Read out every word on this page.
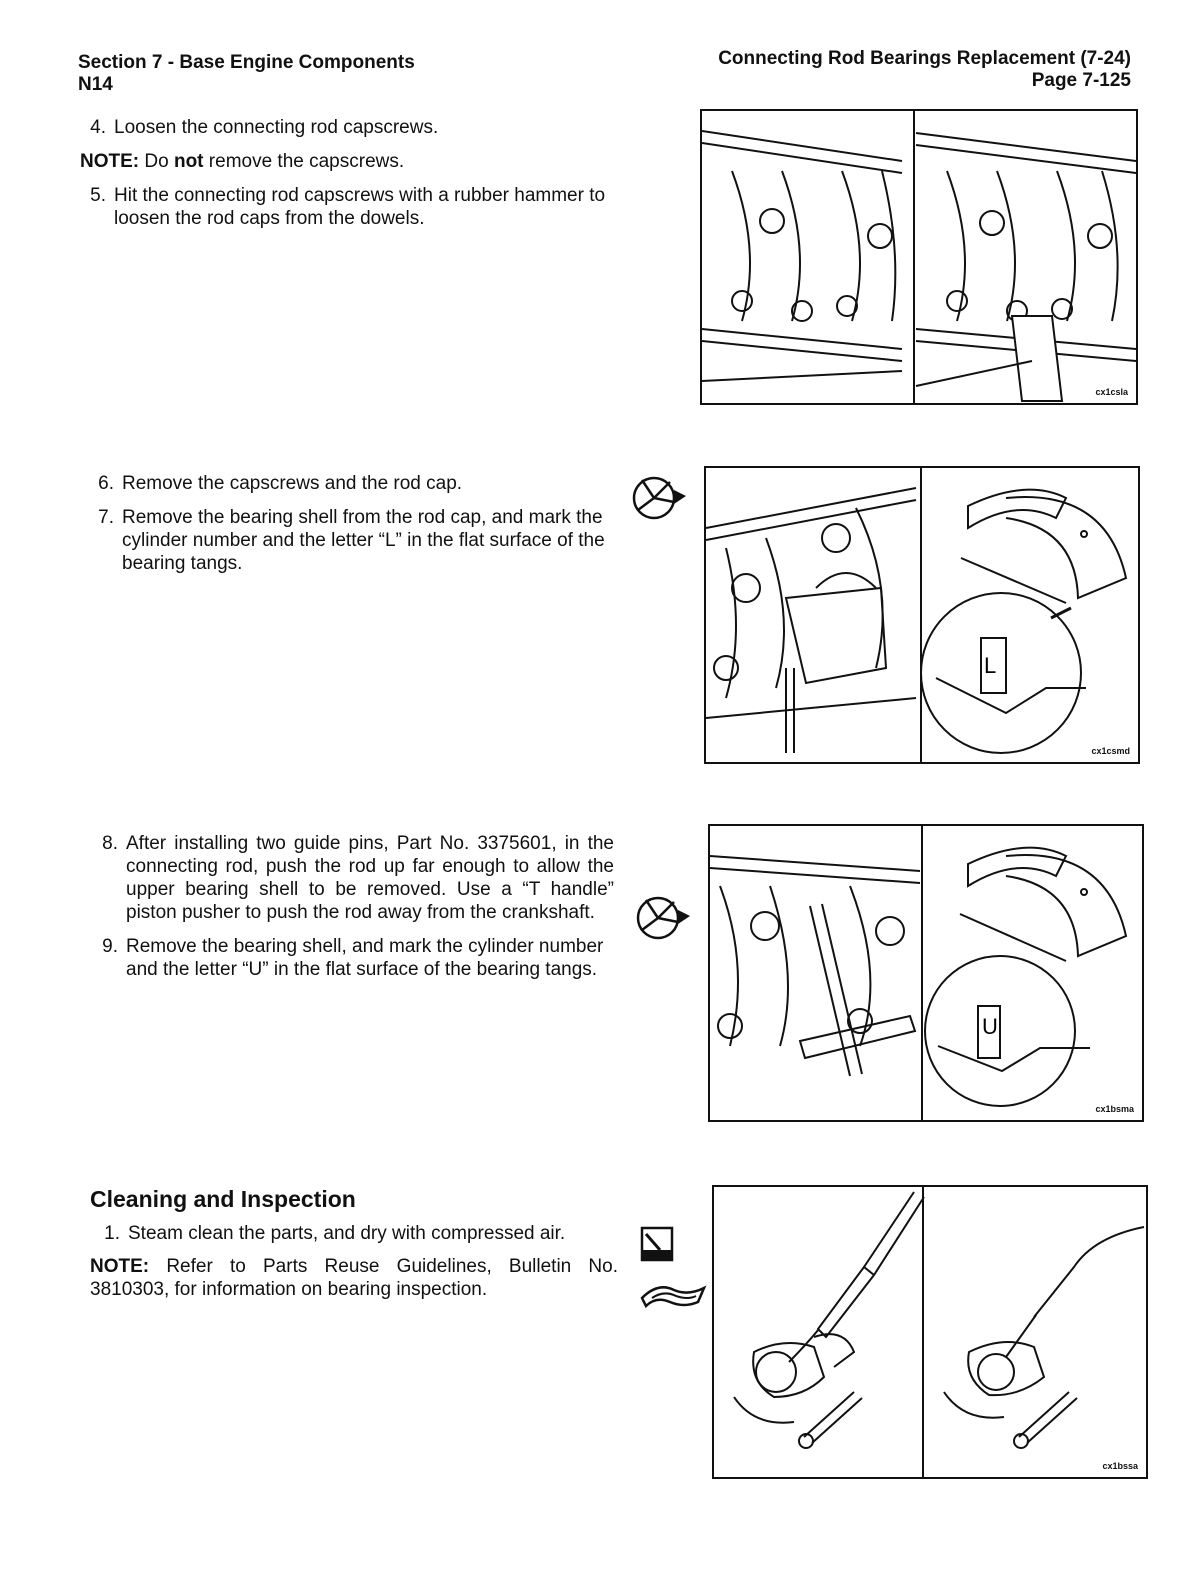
Section 7 - Base Engine Components
N14
Connecting Rod Bearings Replacement (7-24)
Page 7-125
4. Loosen the connecting rod capscrews.
NOTE: Do not remove the capscrews.
5. Hit the connecting rod capscrews with a rubber hammer to loosen the rod caps from the dowels.
cx1csla
6. Remove the capscrews and the rod cap.
7. Remove the bearing shell from the rod cap, and mark the cylinder number and the letter “L” in the flat surface of the bearing tangs.
L
cx1csmd
8. After installing two guide pins, Part No. 3375601, in the connecting rod, push the rod up far enough to allow the upper bearing shell to be removed. Use a “T handle” piston pusher to push the rod away from the crankshaft.
9. Remove the bearing shell, and mark the cylinder number and the letter “U” in the flat surface of the bearing tangs.
U
cx1bsma
Cleaning and Inspection
1. Steam clean the parts, and dry with compressed air.
NOTE: Refer to Parts Reuse Guidelines, Bulletin No. 3810303, for information on bearing inspection.
cx1bssa
